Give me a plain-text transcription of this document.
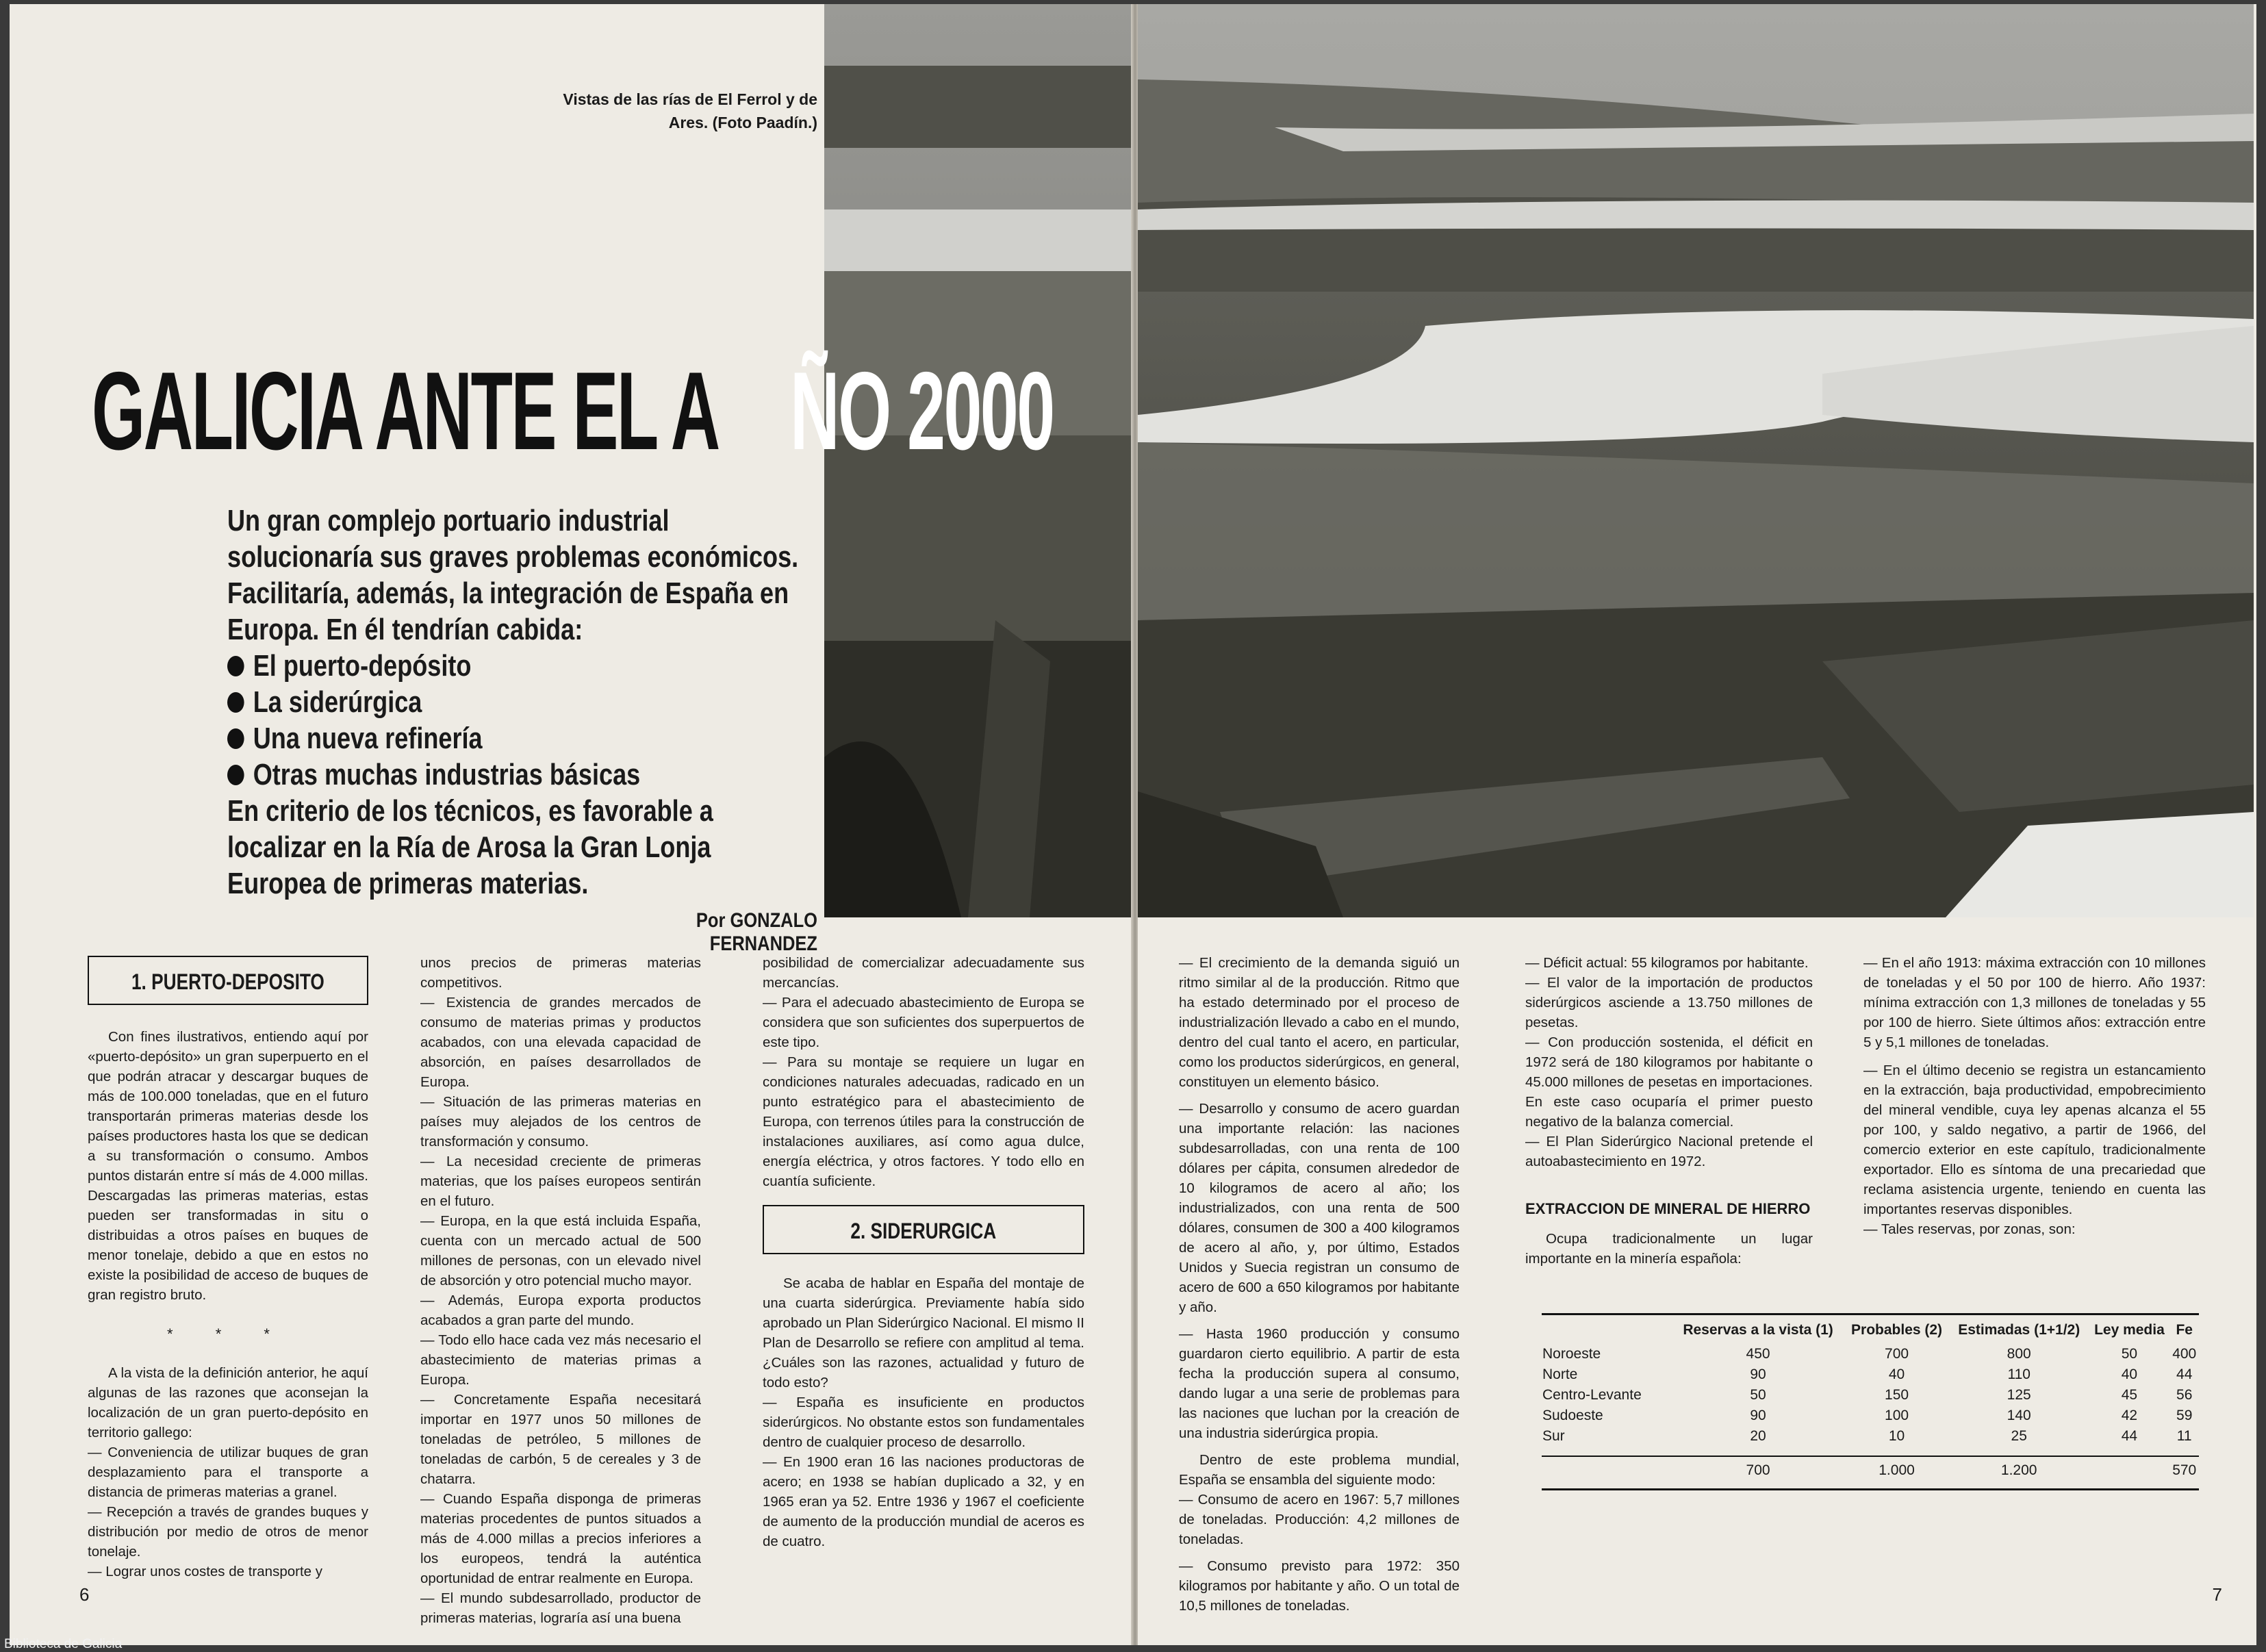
Vistas de las rías de El Ferrol y de Ares. (Foto Paadín.)
GALICIA ANTE EL A

Un gran complejo portuario industrial solucionaría sus graves problemas económicos.

Facilitaría, además, la integración de España en Europa. En él tendrían cabida:

El puerto-depósito

La siderúrgica

Una nueva refinería

Otras muchas industrias básicas

En criterio de los técnicos, es favorable a localizar en la Ría de Arosa la Gran Lonja Europea de primeras materias.

Por GONZALO FERNANDEZ
1. PUERTO-DEPOSITO

Con fines ilustrativos, entiendo aquí por «puerto-depósito» un gran superpuerto en el que podrán atracar y descargar buques de más de 100.000 toneladas, que en el futuro transportarán primeras materias desde los países productores hasta los que se dedican a su transformación o consumo. Ambos puntos distarán entre sí más de 4.000 millas. Descargadas las primeras materias, estas pueden ser transformadas in situ o distribuidas a otros países en buques de menor tonelaje, debido a que en estos no existe la posibilidad de acceso de buques de gran registro bruto.

* * *

A la vista de la definición anterior, he aquí algunas de las razones que aconsejan la localización de un gran puerto-depósito en territorio gallego:

— Conveniencia de utilizar buques de gran desplazamiento para el transporte a distancia de primeras materias a granel.

— Recepción a través de grandes buques y distribución por medio de otros de menor tonelaje.

— Lograr unos costes de transporte y

unos precios de primeras materias competitivos.

— Existencia de grandes mercados de consumo de materias primas y productos acabados, con una elevada capacidad de absorción, en países desarrollados de Europa.

— Situación de las primeras materias en países muy alejados de los centros de transformación y consumo.

— La necesidad creciente de primeras materias, que los países europeos sentirán en el futuro.

— Europa, en la que está incluida España, cuenta con un mercado actual de 500 millones de personas, con un elevado nivel de absorción y otro potencial mucho mayor.

— Además, Europa exporta productos acabados a gran parte del mundo.

— Todo ello hace cada vez más necesario el abastecimiento de materias primas a Europa.

— Concretamente España necesitará importar en 1977 unos 50 millones de toneladas de petróleo, 5 millones de toneladas de carbón, 5 de cereales y 3 de chatarra.

— Cuando España disponga de primeras materias procedentes de puntos situados a más de 4.000 millas a precios inferiores a los europeos, tendrá la auténtica oportunidad de entrar realmente en Europa.

— El mundo subdesarrollado, productor de primeras materias, lograría así una buena

posibilidad de comercializar adecuadamente sus mercancías.

— Para el adecuado abastecimiento de Europa se considera que son suficientes dos superpuertos de este tipo.

— Para su montaje se requiere un lugar en condiciones naturales adecuadas, radicado en un punto estratégico para el abastecimiento de Europa, con terrenos útiles para la construcción de instalaciones auxiliares, así como agua dulce, energía eléctrica, y otros factores. Y todo ello en cuantía suficiente.

2. SIDERURGICA

Se acaba de hablar en España del montaje de una cuarta siderúrgica. Previamente había sido aprobado un Plan Siderúrgico Nacional. El mismo II Plan de Desarrollo se refiere con amplitud al tema. ¿Cuáles son las razones, actualidad y futuro de todo esto?

— España es insuficiente en productos siderúrgicos. No obstante estos son fundamentales dentro de cualquier proceso de desarrollo.

— En 1900 eran 16 las naciones productoras de acero; en 1938 se habían duplicado a 32, y en 1965 eran ya 52. Entre 1936 y 1967 el coeficiente de aumento de la producción mundial de aceros es de cuatro.

6
ÑO 2000

— El crecimiento de la demanda siguió un ritmo similar al de la producción. Ritmo que ha estado determinado por el proceso de industrialización llevado a cabo en el mundo, dentro del cual tanto el acero, en particular, como los productos siderúrgicos, en general, constituyen un elemento básico.

— Desarrollo y consumo de acero guardan una importante relación: las naciones subdesarrolladas, con una renta de 100 dólares per cápita, consumen alrededor de 10 kilogramos de acero al año; los industrializados, con una renta de 500 dólares, consumen de 300 a 400 kilogramos de acero al año, y, por último, Estados Unidos y Suecia registran un consumo de acero de 600 a 650 kilogramos por habitante y año.

— Hasta 1960 producción y consumo guardaron cierto equilibrio. A partir de esta fecha la producción supera al consumo, dando lugar a una serie de problemas para las naciones que luchan por la creación de una industria siderúrgica propia.

Dentro de este problema mundial, España se ensambla del siguiente modo:

— Consumo de acero en 1967: 5,7 millones de toneladas. Producción: 4,2 millones de toneladas.

— Consumo previsto para 1972: 350 kilogramos por habitante y año. O un total de 10,5 millones de toneladas.

— Déficit actual: 55 kilogramos por habitante.

— El valor de la importación de productos siderúrgicos asciende a 13.750 millones de pesetas.

— Con producción sostenida, el déficit en 1972 será de 180 kilogramos por habitante o 45.000 millones de pesetas en importaciones. En este caso ocuparía el primer puesto negativo de la balanza comercial.

— El Plan Siderúrgico Nacional pretende el autoabastecimiento en 1972.

EXTRACCION DE MINERAL DE HIERRO

Ocupa tradicionalmente un lugar importante en la minería española:

— En el año 1913: máxima extracción con 10 millones de toneladas y el 50 por 100 de hierro. Año 1937: mínima extracción con 1,3 millones de toneladas y 55 por 100 de hierro. Siete últimos años: extracción entre 5 y 5,1 millones de toneladas.

— En el último decenio se registra un estancamiento en la extracción, baja productividad, empobrecimiento del mineral vendible, cuya ley apenas alcanza el 55 por 100, y saldo negativo, a partir de 1966, del comercio exterior en este capítulo, tradicionalmente exportador. Ello es síntoma de una precariedad que reclama asistencia urgente, teniendo en cuenta las importantes reservas disponibles.

— Tales reservas, por zonas, son:

	Reservas a la vista (1)	Probables (2)	Estimadas (1+1/2)	Ley media	Fe
Noroeste	450	700	800	50	400
Norte	90	40	110	40	44
Centro-Levante	50	150	125	45	56
Sudoeste	90	100	140	42	59
Sur	20	10	25	44	11
	700	1.000	1.200		570
7
Biblioteca de Galicia
